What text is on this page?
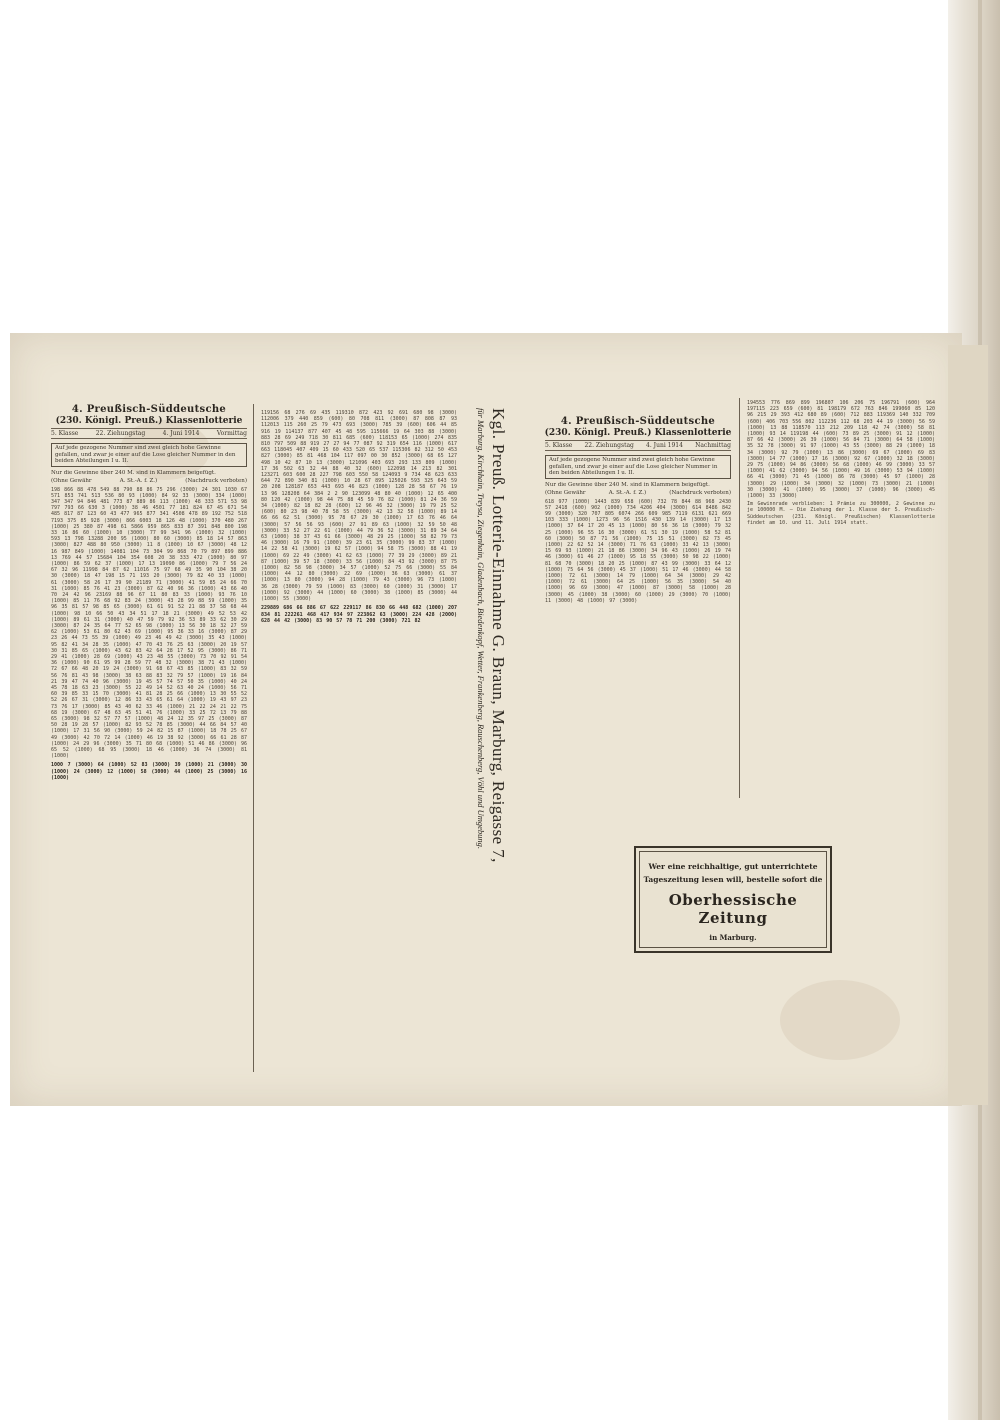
4. Preußisch-Süddeutsche
(230. Königl. Preuß.) Klassenlotterie
5. Klasse	22. Ziehungstag	4. Juni 1914	Vormittag
Auf jede gezogene Nummer sind zwei gleich hohe Gewinne gefallen, und zwar je einer auf die Lose gleicher Nummer in den beiden Abteilungen I u. II.
Nur die Gewinne über 240 M. sind in Klammern beigefügt.
(Ohne Gewähr	A. St.-A. f. Z.)	(Nachdruck verboten)
198 866 88 478 549 88 790 88 86 75 296 (3000) 24 301 1030 67 571 853 741 513 536 80 93 (1000) 84 92 33 (3000) 334 (1000) 347 347 94 846 481 773 87 889 86 113 (1000) 48 333 571 53 98 797 793 66 630 3 (1000) 38 46 4501 77 181 824 67 45 671 54 485 817 87 123 60 43 477 965 877 341 4508 478 89 192 752 518 7193 375 85 928 (3000) 866 6003 18 126 48 (1000) 370 480 267 (1000) 25 380 87 498 61 5866 959 865 833 87 391 848 800 198 33 16 86 60 (1000) 10 (3000) 77 99 341 96 (1000) 32 (1000) 593 13 798 13288 200 95 (1000) 80 60 (3000) 85 18 14 57 863 (3000) 827 488 80 950 (3000) 11 8 (1000) 10 67 (3000) 48 12 16 987 849 (1000) 14081 104 73 304 99 868 70 79 897 899 886 13 769 44 57 15684 104 354 608 20 38 333 472 (1000) 80 97 (1000) 86 59 62 37 (1000) 17 13 19090 86 (1000) 79 7 56 24 67 32 96 11998 84 87 62 11016 75 97 68 49 35 90 104 38 20 30 (3000) 18 47 198 15 71 193 20 (3000) 79 82 40 33 (1000) 61 (3000) 58 26 17 39 90 21189 71 (3000) 41 59 85 24 66 70 31 (1000) 85 76 41 23 (3000) 87 62 40 96 36 (1000) 43 66 40 70 24 42 96 23169 88 96 67 11 80 83 33 (1000) 93 76 10 (1000) 85 11 76 68 92 83 24 (3000) 43 28 99 88 59 (1000) 35 96 35 81 57 98 85 65 (3000) 61 61 91 52 21 88 37 58 68 44 (1000) 98 10 66 50 43 34 51 17 18 21 (3000) 49 52 53 42 (1000) 89 61 31 (3000) 40 47 59 79 92 36 53 89 33 62 30 29 (3000) 87 24 35 64 77 52 65 98 (1000) 13 56 30 18 32 27 59 62 (1000) 53 61 80 62 43 69 (1000) 95 36 33 16 (3000) 87 29 23 26 44 73 55 39 (1000) 49 23 46 49 42 (3000) 35 43 (1000) 95 82 41 34 28 35 (1000) 47 70 43 76 25 63 (3000) 20 19 57 30 31 85 65 (1000) 43 62 83 42 64 28 17 52 95 (3000) 86 71 29 41 (1000) 28 69 (1000) 43 23 48 55 (3000) 73 70 92 91 54 36 (1000) 90 61 95 99 28 59 77 48 32 (3000) 38 71 43 (1000) 72 67 66 48 20 19 24 (3000) 91 68 67 43 85 (1000) 83 32 59 56 76 81 43 98 (3000) 38 63 88 83 32 79 57 (1000) 19 16 84 21 39 47 74 40 96 (3000) 19 45 57 74 57 50 35 (1000) 40 24 45 78 18 63 23 (3000) 55 22 49 14 52 63 40 24 (1000) 56 71 60 39 85 33 15 70 (3000) 41 81 28 25 66 (1000) 13 30 55 52 52 26 67 31 (3000) 12 86 33 43 65 61 64 (1000) 19 43 97 23 73 76 17 (3000) 85 43 40 62 33 46 (1000) 21 22 24 21 22 75 68 19 (3000) 67 48 63 45 51 41 76 (1000) 33 25 72 13 79 88 65 (3000) 98 32 57 77 57 (1000) 48 24 12 35 97 25 (3000) 87 50 28 19 28 57 (1000) 82 93 52 78 85 (3000) 44 66 84 57 40 (1000) 17 31 56 90 (3000) 59 24 82 15 87 (1000) 18 78 25 67 49 (3000) 42 70 72 14 (1000) 46 19 38 92 (3000) 66 61 28 87 (1000) 24 29 96 (3000) 35 71 80 68 (1000) 51 46 86 (3000) 96 65 52 (1000) 68 95 (3000) 18 46 (1000) 36 74 (3000) 81 (1000)
1000 7 (3000) 64 (1000) 52 83 (3000) 39 (1000) 21 (3000) 30 (1000) 24 (3000) 12 (1000) 58 (3000) 44 (1000) 25 (3000) 16 (1000)
119156 68 276 69 435 119310 872 423 92 691 680 98 (3000) 112006 379 440 859 (600) 80 708 811 (3000) 87 808 87 93 112013 115 260 25 79 473 693 (3000) 785 39 (600) 606 44 85 916 19 114137 877 407 45 48 595 115666 19 64 303 88 (3000) 883 28 69 249 718 30 811 685 (600) 118153 65 (1000) 274 835 810 797 509 88 919 27 27 94 77 087 92 319 654 116 (1000) 617 663 118045 407 409 15 60 433 520 65 537 115306 82 312 50 453 827 (3000) 85 81 468 104 117 097 00 30 852 (3000) 68 65 127 498 10 42 87 10 13 (3000) 121096 403 693 293 133 809 (1000) 17 36 502 63 32 44 88 40 32 (600) 122098 14 213 82 301 123271 603 600 28 227 798 603 550 58 124093 9 734 48 623 633 644 72 890 340 81 (1000) 10 28 67 895 125026 593 325 643 59 20 208 128187 653 443 693 46 823 (1000) 128 28 58 67 76 19 13 96 128208 64 384 2 2 90 123099 48 80 40 (1000) 12 65 400 80 120 42 (1000) 98 44 75 88 45 59 76 82 (1000) 81 24 36 59 34 (1000) 82 18 82 28 (600) 12 96 46 32 (3000) 19 79 25 52 (600) 80 23 98 40 78 58 55 (3000) 42 13 32 58 (1000) 89 14 66 66 62 51 (3000) 95 78 67 29 30 (1000) 17 63 76 46 64 (3000) 57 56 56 93 (600) 27 91 89 63 (1000) 32 59 50 48 (3000) 33 52 27 22 61 (1000) 44 79 36 52 (3000) 31 89 34 64 63 (1000) 38 37 43 61 66 (3000) 48 29 25 (1000) 58 82 79 73 46 (3000) 16 79 91 (1000) 39 23 61 35 (3000) 99 83 37 (1000) 14 22 58 41 (3000) 19 62 57 (1000) 94 58 75 (3000) 88 41 19 (1000) 69 22 49 (3000) 41 62 63 (1000) 77 39 29 (3000) 89 21 87 (1000) 39 57 18 (3000) 33 56 (1000) 84 43 92 (3000) 87 75 (1000) 82 58 98 (3000) 34 57 (1000) 52 75 66 (3000) 55 84 (1000) 44 12 80 (3000) 22 69 (1000) 36 63 (3000) 61 37 (1000) 13 80 (3000) 94 28 (1000) 79 43 (3000) 96 73 (1000) 36 28 (3000) 79 59 (1000) 83 (3000) 60 (1000) 31 (3000) 17 (1000) 92 (3000) 44 (1000) 60 (3000) 38 (1000) 85 (3000) 44 (1000) 55 (3000)
229889 686 66 886 67 622 229117 86 830 66 448 682 (1000) 207 834 81 222261 468 417 934 97 223862 63 (3000) 224 428 (2000) 628 44 42 (3000) 83 90 57 78 71 200 (3000) 721 82	Kgl. Preuß. Lotterie-Einnahme G. Braun, Marburg, Reigasse 7,
für Marburg, Kirchhain, Treysa, Ziegenhain, Gladenbach, Biedenkopf, Wetter, Frankenberg, Rauschenberg, Vöhl und Umgebung.	4. Preußisch-Süddeutsche
(230. Königl. Preuß.) Klassenlotterie
5. Klasse 22. Ziehungstag 4. Juni 1914 Nachmittag
Auf jede gezogene Nummer sind zwei gleich hohe Gewinne gefallen, und zwar je einer auf die Lose gleicher Nummer in den beiden Abteilungen I u. II.
Nur die Gewinne über 240 M. sind in Klammern beigefügt.
(Ohne Gewähr	A. St.-A. f. Z.)	(Nachdruck verboten)
618 977 (1000) 1443 839 658 (600) 732 78 844 88 968 2430 57 2418 (600) 902 (1000) 734 4206 404 (3000) 614 8486 842 99 (3000) 320 707 805 6074 266 609 985 7119 6131 621 669 103 333 (1000) 1273 96 56 1516 430 139 14 (3000) 17 13 (1000) 37 64 17 20 45 13 (1000) 80 56 36 18 (3000) 79 32 25 (1000) 96 55 16 30 (3000) 61 51 30 19 (1000) 58 52 81 60 (3000) 50 87 71 56 (1000) 75 15 51 (3000) 82 73 45 (1000) 22 62 52 14 (3000) 71 76 63 (1000) 33 42 13 (3000) 15 69 93 (1000) 21 18 86 (3000) 34 96 43 (1000) 26 19 74 46 (3000) 61 46 27 (1000) 95 18 55 (3000) 50 98 22 (1000) 81 68 70 (3000) 18 20 25 (1000) 87 43 99 (3000) 33 64 12 (1000) 75 64 56 (3000) 45 37 (1000) 51 17 46 (3000) 44 58 (1000) 72 61 (3000) 14 79 (1000) 64 34 (3000) 29 42 (1000) 72 61 (3000) 64 25 (1000) 56 35 (3000) 54 40 (1000) 96 69 (3000) 47 (1000) 87 (3000) 58 (1000) 28 (3000) 45 (1000) 38 (3000) 60 (1000) 29 (3000) 70 (1000) 11 (3000) 48 (1000) 97 (3000)
194553 776 869 899 196807 106 206 75 196791 (600) 964 197115 223 659 (600) 81 198179 672 763 846 199060 85 120 96 215 29 393 412 680 89 (600) 712 883 119369 140 332 709 (600) 406 703 556 802 112236 112 68 203 44 19 (3000) 56 59 (1000) 13 88 118570 113 212 209 118 42 74 (3000) 58 81 (1000) 93 14 119198 44 (600) 73 89 25 (3000) 91 12 (1000) 87 66 42 (3000) 26 39 (1000) 56 84 71 (3000) 64 58 (1000) 35 32 78 (3000) 91 97 (1000) 43 55 (3000) 88 29 (1000) 18 34 (3000) 92 79 (1000) 13 86 (3000) 69 67 (1000) 69 83 (3000) 14 77 (1000) 17 16 (3000) 92 67 (1000) 32 18 (3000) 29 75 (1000) 94 86 (3000) 56 68 (1000) 46 99 (3000) 33 57 (1000) 41 62 (3000) 94 56 (1000) 49 16 (3000) 53 94 (1000) 66 41 (3000) 71 45 (1000) 86 78 (3000) 45 97 (1000) 28 (3000) 29 (1000) 34 (3000) 32 (1000) 73 (3000) 21 (1000) 30 (3000) 41 (1000) 95 (3000) 37 (1000) 96 (3000) 45 (1000) 33 (3000)
Im Gewinnrade verblieben: 1 Prämie zu 300000, 2 Gewinne zu je 100000 M. — Die Ziehung der 1. Klasse der 5. Preußisch-Süddeutschen (231. Königl. Preußischen) Klassenlotterie findet am 10. und 11. Juli 1914 statt.
Wer eine reichhaltige, gut unterrichtete
Tageszeitung lesen will, bestelle sofort die
Oberhessische Zeitung
in Marburg.
